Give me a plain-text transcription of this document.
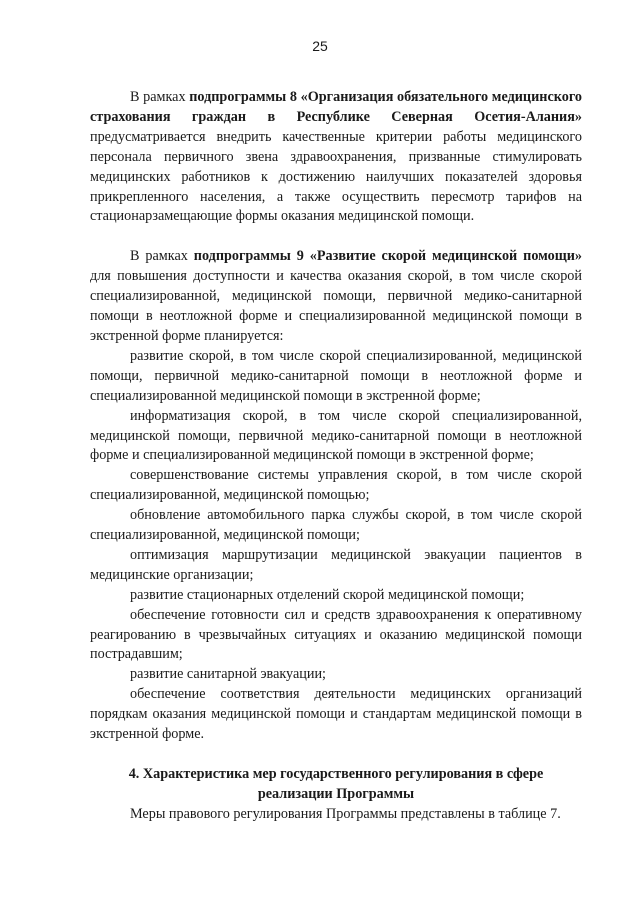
25

В рамках подпрограммы 8 «Организация обязательного медицинского страхования граждан в Республике Северная Осетия-Алания» предусматривается внедрить качественные критерии работы медицинского персонала первичного звена здравоохранения, призванные стимулировать медицинских работников к достижению наилучших показателей здоровья прикрепленного населения, а также осуществить пересмотр тарифов на стационарзамещающие формы оказания медицинской помощи.

В рамках подпрограммы 9 «Развитие скорой медицинской помощи» для повышения доступности и качества оказания скорой, в том числе скорой специализированной, медицинской помощи, первичной медико-санитарной помощи в неотложной форме и специализированной медицинской помощи в экстренной форме планируется:

развитие скорой, в том числе скорой специализированной, медицинской помощи, первичной медико-санитарной помощи в неотложной форме и специализированной медицинской помощи в экстренной форме;

информатизация скорой, в том числе скорой специализированной, медицинской помощи, первичной медико-санитарной помощи в неотложной форме и специализированной медицинской помощи в экстренной форме;

совершенствование системы управления скорой, в том числе скорой специализированной, медицинской помощью;

обновление автомобильного парка службы скорой, в том числе скорой специализированной, медицинской помощи;

оптимизация маршрутизации медицинской эвакуации пациентов в медицинские организации;

развитие стационарных отделений скорой медицинской помощи;

обеспечение готовности сил и средств здравоохранения к оперативному реагированию в чрезвычайных ситуациях и оказанию медицинской помощи пострадавшим;

развитие санитарной эвакуации;

обеспечение соответствия деятельности медицинских организаций порядкам оказания медицинской помощи и стандартам медицинской помощи в экстренной форме.

4. Характеристика мер государственного регулирования в сфере реализации Программы

Меры правового регулирования Программы представлены в таблице 7.
